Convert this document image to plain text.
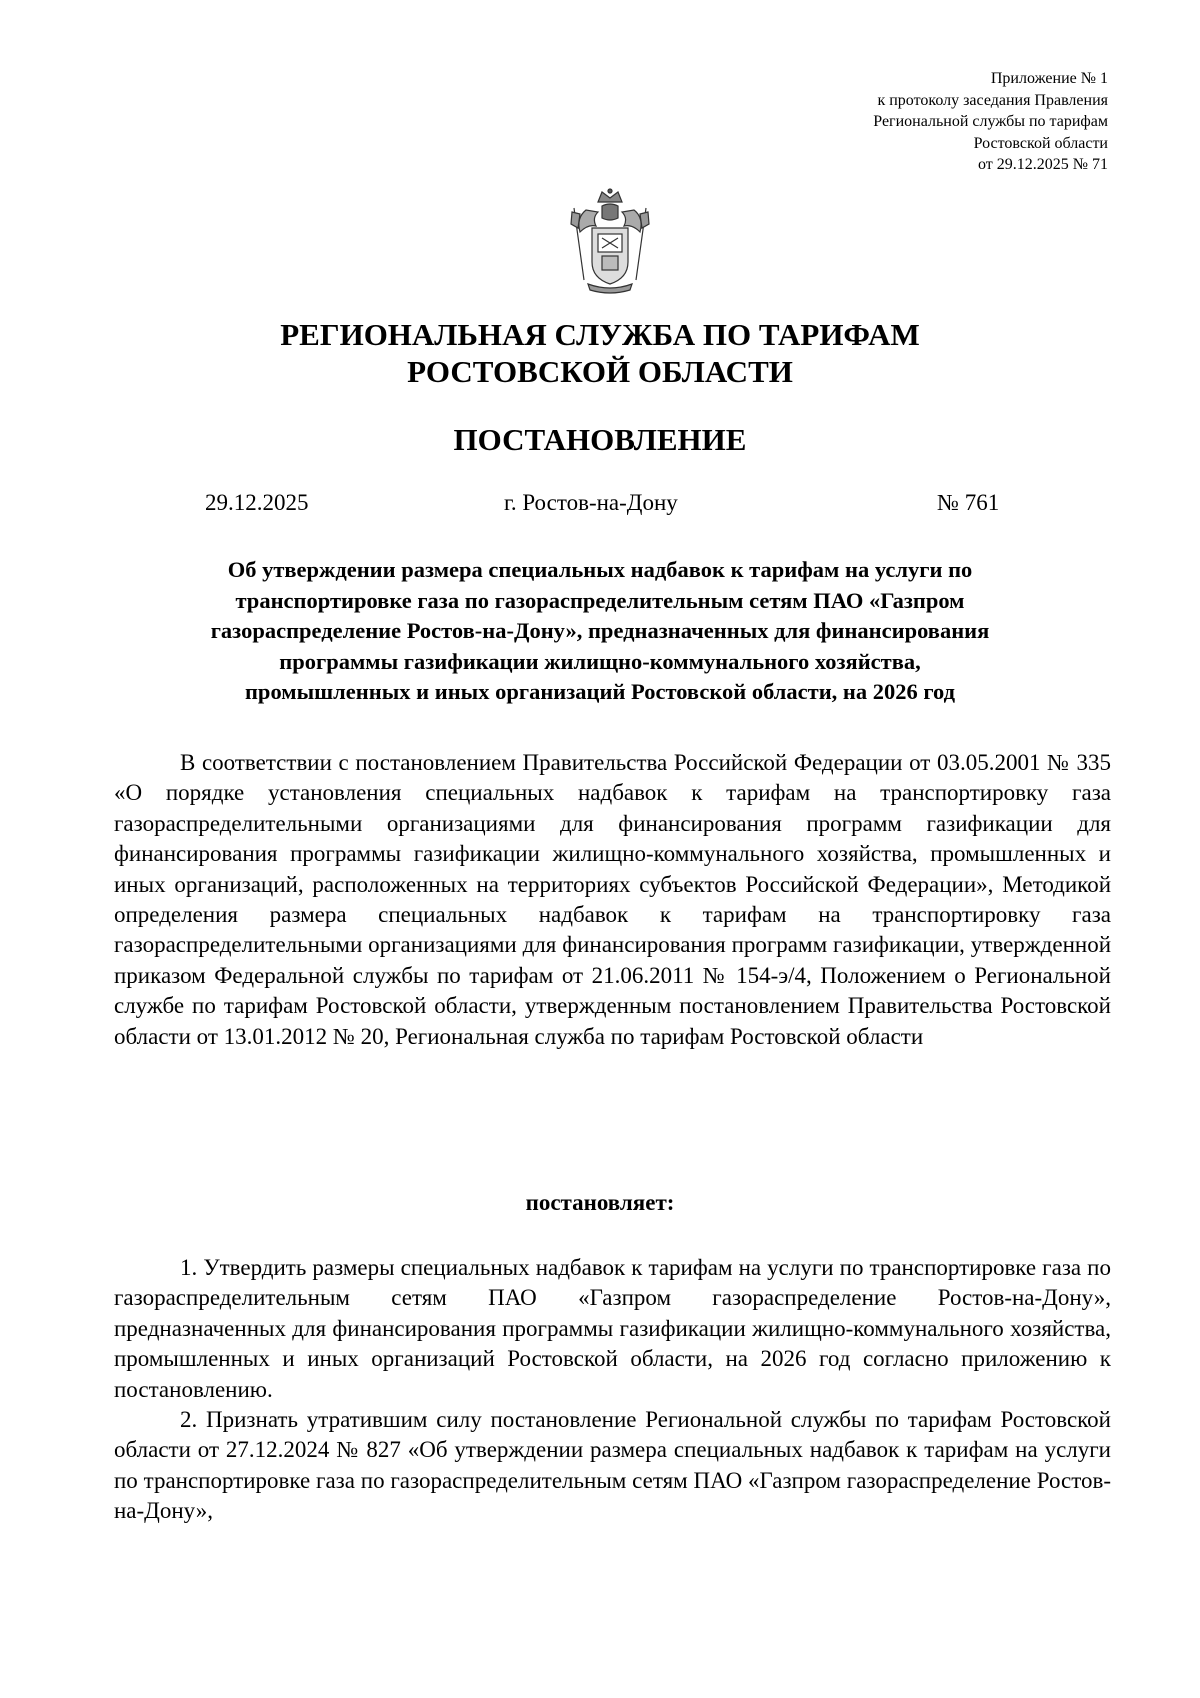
Приложение № 1
к протоколу заседания Правления
Региональной службы по тарифам
Ростовской области
от 29.12.2025 № 71
РЕГИОНАЛЬНАЯ СЛУЖБА ПО ТАРИФАМ
РОСТОВСКОЙ ОБЛАСТИ
ПОСТАНОВЛЕНИЕ
29.12.2025	г. Ростов-на-Дону	№ 761
Об утверждении размера специальных надбавок к тарифам на услуги по
транспортировке газа по газораспределительным сетям ПАО «Газпром
газораспределение Ростов-на-Дону», предназначенных для финансирования
программы газификации жилищно-коммунального хозяйства,
промышленных и иных организаций Ростовской области, на 2026 год
В соответствии с постановлением Правительства Российской Федерации от 03.05.2001 № 335 «О порядке установления специальных надбавок к тарифам на транспортировку газа газораспределительными организациями для финансирования программ газификации для финансирования программы газификации жилищно-коммунального хозяйства, промышленных и иных организаций, расположенных на территориях субъектов Российской Федерации», Методикой определения размера специальных надбавок к тарифам на транспортировку газа газораспределительными организациями для финансирования программ газификации, утвержденной приказом Федеральной службы по тарифам от 21.06.2011 № 154-э/4, Положением о Региональной службе по тарифам Ростовской области, утвержденным постановлением Правительства Ростовской области от 13.01.2012 № 20, Региональная служба по тарифам Ростовской области
постановляет:
1. Утвердить размеры специальных надбавок к тарифам на услуги по транспортировке газа по газораспределительным сетям ПАО «Газпром газораспределение Ростов-на-Дону», предназначенных для финансирования программы газификации жилищно-коммунального хозяйства, промышленных и иных организаций Ростовской области, на 2026 год согласно приложению к постановлению.
2. Признать утратившим силу постановление Региональной службы по тарифам Ростовской области от 27.12.2024 № 827 «Об утверждении размера специальных надбавок к тарифам на услуги по транспортировке газа по газораспределительным сетям ПАО «Газпром газораспределение Ростов-на-Дону»,
